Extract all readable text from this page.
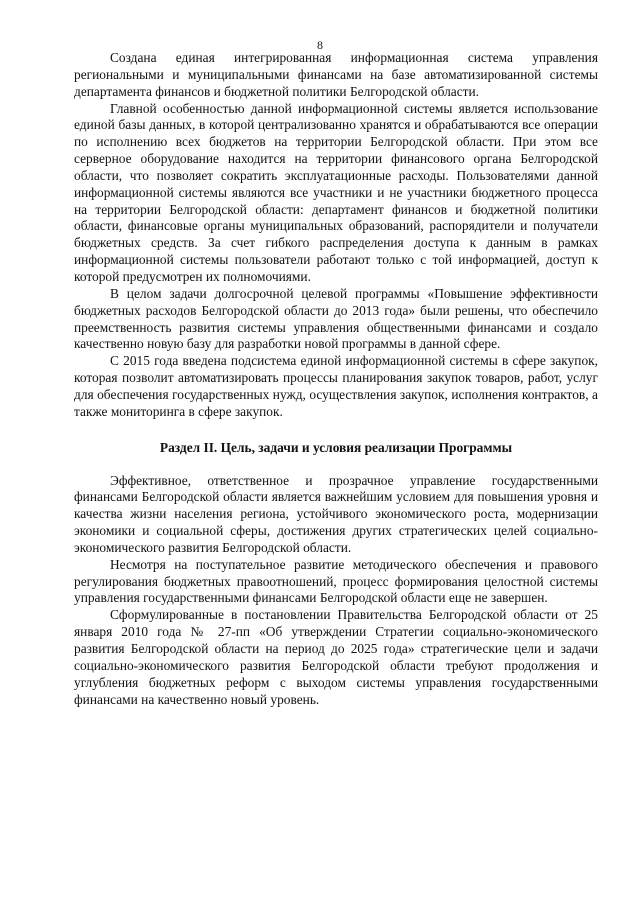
8

Создана единая интегрированная информационная система управления региональными и муниципальными финансами на базе автоматизированной системы департамента финансов и бюджетной политики Белгородской области.

Главной особенностью данной информационной системы является использование единой базы данных, в которой централизованно хранятся и обрабатываются все операции по исполнению всех бюджетов на территории Белгородской области. При этом все серверное оборудование находится на территории финансового органа Белгородской области, что позволяет сократить эксплуатационные расходы. Пользователями данной информационной системы являются все участники и не участники бюджетного процесса на территории Белгородской области: департамент финансов и бюджетной политики области, финансовые органы муниципальных образований, распорядители и получатели бюджетных средств. За счет гибкого распределения доступа к данным в рамках информационной системы пользователи работают только с той информацией, доступ к которой предусмотрен их полномочиями.

В целом задачи долгосрочной целевой программы «Повышение эффективности бюджетных расходов Белгородской области до 2013 года» были решены, что обеспечило преемственность развития системы управления общественными финансами и создало качественно новую базу для разработки новой программы в данной сфере.

С 2015 года введена подсистема единой информационной системы в сфере закупок, которая позволит автоматизировать процессы планирования закупок товаров, работ, услуг для обеспечения государственных нужд, осуществления закупок, исполнения контрактов, а также мониторинга в сфере закупок.

Раздел II. Цель, задачи и условия реализации Программы

Эффективное, ответственное и прозрачное управление государственными финансами Белгородской области является важнейшим условием для повышения уровня и качества жизни населения региона, устойчивого экономического роста, модернизации экономики и социальной сферы, достижения других стратегических целей социально-экономического развития Белгородской области.

Несмотря на поступательное развитие методического обеспечения и правового регулирования бюджетных правоотношений, процесс формирования целостной системы управления государственными финансами Белгородской области еще не завершен.

Сформулированные в постановлении Правительства Белгородской области от 25 января 2010 года № 27-пп «Об утверждении Стратегии социально-экономического развития Белгородской области на период до 2025 года» стратегические цели и задачи социально-экономического развития Белгородской области требуют продолжения и углубления бюджетных реформ с выходом системы управления государственными финансами на качественно новый уровень.
